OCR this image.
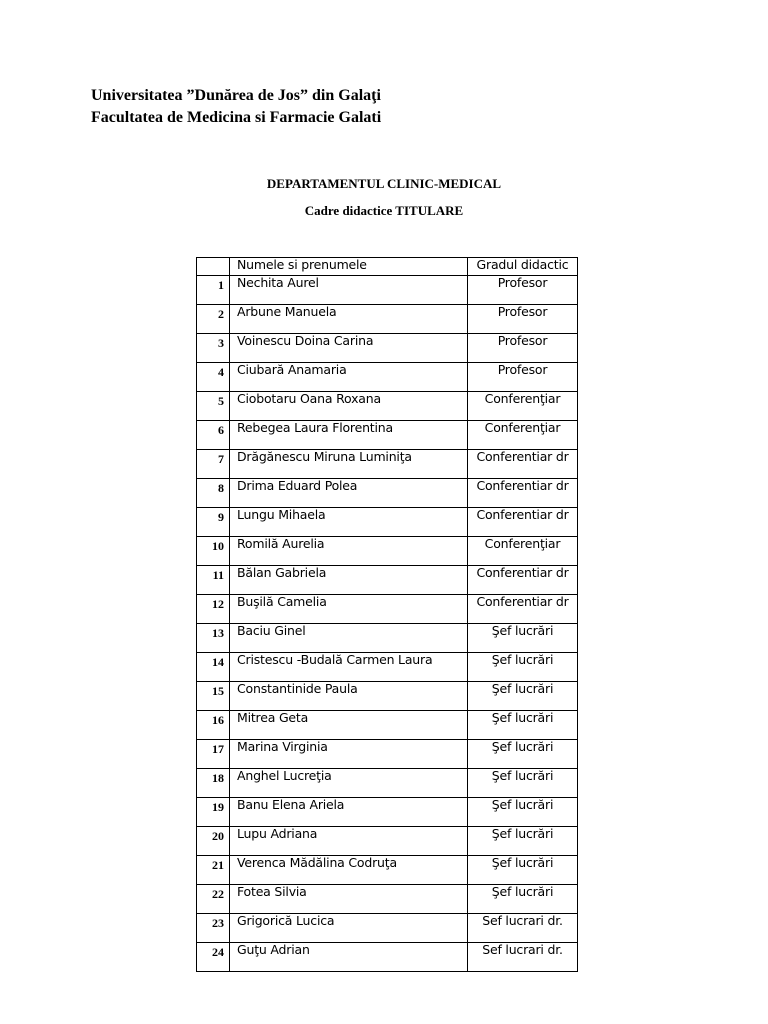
Universitatea ”Dunărea de Jos” din Galaţi
Facultatea de Medicina si Farmacie Galati
DEPARTAMENTUL CLINIC-MEDICAL
Cadre didactice TITULARE
	Numele si prenumele	Gradul didactic
1	Nechita Aurel	Profesor
2	Arbune Manuela	Profesor
3	Voinescu Doina Carina	Profesor
4	Ciubară Anamaria	Profesor
5	Ciobotaru Oana Roxana	Conferenţiar
6	Rebegea Laura Florentina	Conferenţiar
7	Drăgănescu Miruna Luminiţa	Conferentiar dr
8	Drima Eduard Polea	Conferentiar dr
9	Lungu Mihaela	Conferentiar dr
10	Romilă Aurelia	Conferenţiar
11	Bălan Gabriela	Conferentiar dr
12	Buşilă Camelia	Conferentiar dr
13	Baciu Ginel	Şef lucrări
14	Cristescu -Budală Carmen Laura	Şef lucrări
15	Constantinide Paula	Şef lucrări
16	Mitrea Geta	Şef lucrări
17	Marina Virginia	Şef lucrări
18	Anghel Lucreţia	Şef lucrări
19	Banu Elena Ariela	Şef lucrări
20	Lupu Adriana	Şef lucrări
21	Verenca Mădălina Codruţa	Şef lucrări
22	Fotea Silvia	Şef lucrări
23	Grigorică Lucica	Sef lucrari dr.
24	Guţu Adrian	Sef lucrari dr.
